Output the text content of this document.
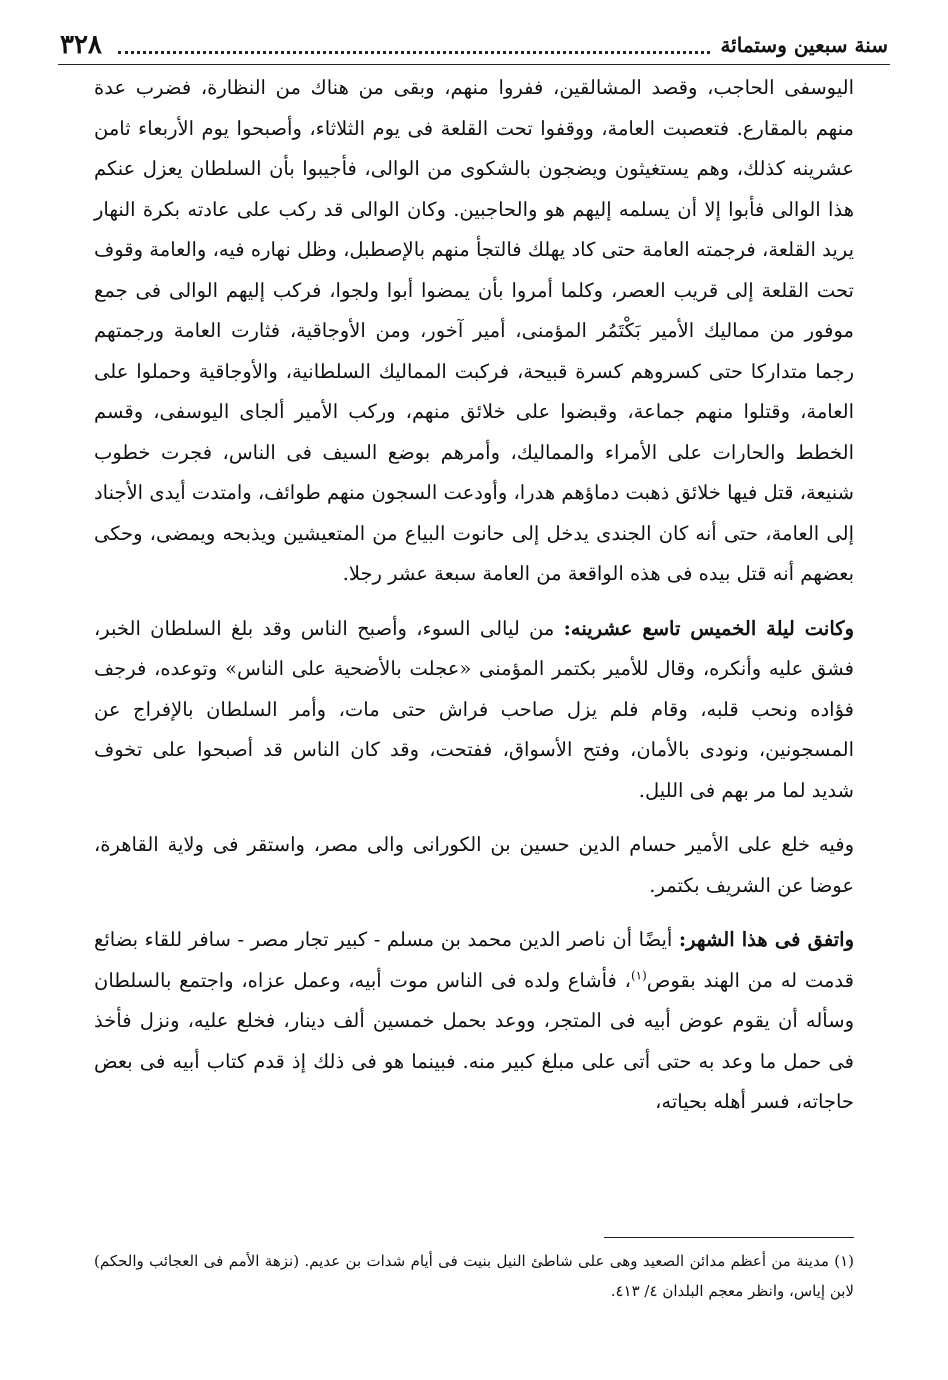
٣٢٨	سنة سبعين وستمائة

اليوسفى الحاجب، وقصد المشالقين، ففروا منهم، وبقى من هناك من النظارة، فضرب عدة منهم بالمقارع. فتعصبت العامة، ووقفوا تحت القلعة فى يوم الثلاثاء، وأصبحوا يوم الأربعاء ثامن عشرينه كذلك، وهم يستغيثون ويضجون بالشكوى من الوالى، فأجيبوا بأن السلطان يعزل عنكم هذا الوالى فأبوا إلا أن يسلمه إليهم هو والحاجبين. وكان الوالى قد ركب على عادته بكرة النهار يريد القلعة، فرجمته العامة حتى كاد يهلك فالتجأ منهم بالإصطبل، وظل نهاره فيه، والعامة وقوف تحت القلعة إلى قريب العصر، وكلما أمروا بأن يمضوا أبوا ولجوا، فركب إليهم الوالى فى جمع موفور من مماليك الأمير بَكْتَمُر المؤمنى، أمير آخور، ومن الأوجاقية، فثارت العامة ورجمتهم رجما متداركا حتى كسروهم كسرة قبيحة، فركبت المماليك السلطانية، والأوجاقية وحملوا على العامة، وقتلوا منهم جماعة، وقبضوا على خلائق منهم، وركب الأمير ألجاى اليوسفى، وقسم الخطط والحارات على الأمراء والمماليك، وأمرهم بوضع السيف فى الناس، فجرت خطوب شنيعة، قتل فيها خلائق ذهبت دماؤهم هدرا، وأودعت السجون منهم طوائف، وامتدت أيدى الأجناد إلى العامة، حتى أنه كان الجندى يدخل إلى حانوت البياع من المتعيشين ويذبحه ويمضى، وحكى بعضهم أنه قتل بيده فى هذه الواقعة من العامة سبعة عشر رجلا.

وكانت ليلة الخميس تاسع عشرينه: من ليالى السوء، وأصبح الناس وقد بلغ السلطان الخبر، فشق عليه وأنكره، وقال للأمير بكتمر المؤمنى «عجلت بالأضحية على الناس» وتوعده، فرجف فؤاده ونحب قلبه، وقام فلم يزل صاحب فراش حتى مات، وأمر السلطان بالإفراج عن المسجونين، ونودى بالأمان، وفتح الأسواق، ففتحت، وقد كان الناس قد أصبحوا على تخوف شديد لما مر بهم فى الليل.

وفيه خلع على الأمير حسام الدين حسين بن الكورانى والى مصر، واستقر فى ولاية القاهرة، عوضا عن الشريف بكتمر.

واتفق فى هذا الشهر: أيضًا أن ناصر الدين محمد بن مسلم - كبير تجار مصر - سافر للقاء بضائع قدمت له من الهند بقوص$^{(١)}$، فأشاع ولده فى الناس موت أبيه، وعمل عزاه، واجتمع بالسلطان وسأله أن يقوم عوض أبيه فى المتجر، ووعد بحمل خمسين ألف دينار، فخلع عليه، ونزل فأخذ فى حمل ما وعد به حتى أتى على مبلغ كبير منه. فبينما هو فى ذلك إذ قدم كتاب أبيه فى بعض حاجاته، فسر أهله بحياته،

(١) مدينة من أعظم مدائن الصعيد وهى على شاطئ النيل بنيت فى أيام شدات بن عديم. (نزهة الأمم فى العجائب والحكم) لابن إياس، وانظر معجم البلدان ٤/ ٤١٣.
